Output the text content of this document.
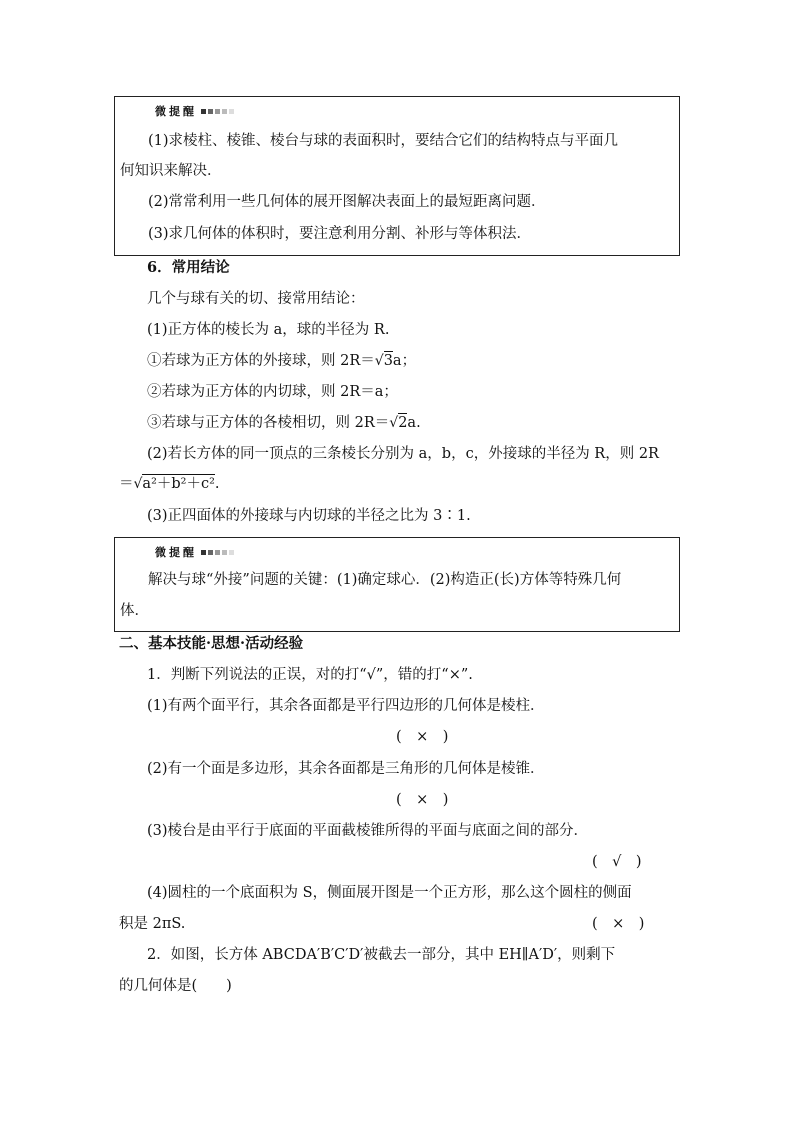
微提醒
(1)求棱柱、棱锥、棱台与球的表面积时，要结合它们的结构特点与平面几
何知识来解决．
(2)常常利用一些几何体的展开图解决表面上的最短距离问题．
(3)求几何体的体积时，要注意利用分割、补形与等体积法．
6．常用结论
几个与球有关的切、接常用结论：
(1)正方体的棱长为 a，球的半径为 R.
①若球为正方体的外接球，则 2R＝ √ 3 a；
②若球为正方体的内切球，则 2R＝a；
③若球与正方体的各棱相切，则 2R＝ √ 2 a.
(2)若长方体的同一顶点的三条棱长分别为 a，b，c，外接球的半径为 R，则 2R
＝ √ a²＋b²＋c² .
(3)正四面体的外接球与内切球的半径之比为 3∶1.
微提醒
解决与球“外接”问题的关键：(1)确定球心．(2)构造正(长)方体等特殊几何
体．
二、基本技能·思想·活动经验
1．判断下列说法的正误，对的打“√”，错的打“×”.
(1)有两个面平行，其余各面都是平行四边形的几何体是棱柱．
(　×　)
(2)有一个面是多边形，其余各面都是三角形的几何体是棱锥．
(　×　)
(3)棱台是由平行于底面的平面截棱锥所得的平面与底面之间的部分．
(　√　)
(4)圆柱的一个底面积为 S，侧面展开图是一个正方形，那么这个圆柱的侧面
积是 2πS.	(　×　)
2．如图，长方体 ABCDA′B′C′D′被截去一部分，其中 EH∥A′D′，则剩下
的几何体是(　　)
